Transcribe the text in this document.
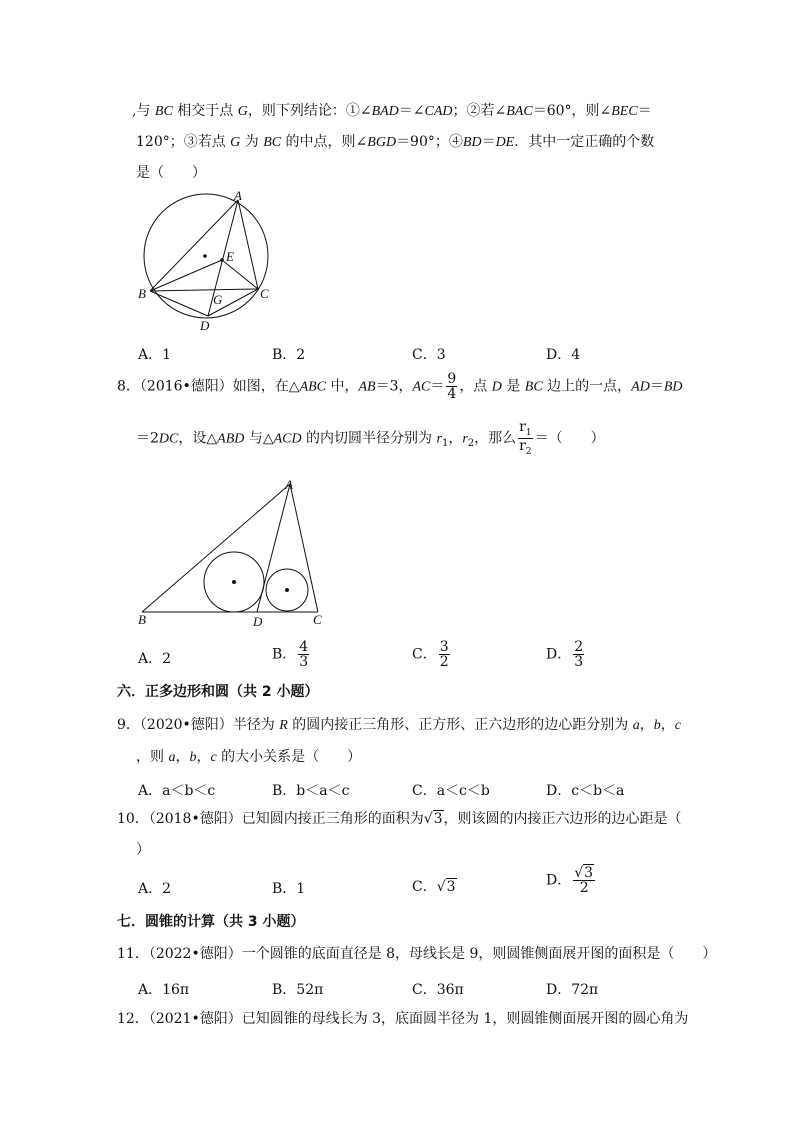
,与 BC 相交于点 G，则下列结论：①∠BAD＝∠CAD；②若∠BAC＝60°，则∠BEC＝
120°；③若点 G 为 BC 的中点，则∠BGD＝90°；④BD＝DE．其中一定正确的个数
是（　　）
A
E
B	C
G
D
A．1	B．2	C．3	D．4
8．（2016•德阳）如图，在△ABC 中，AB＝3，$AC= \frac{9}{4}$ ，点 D 是 BC 边上的一点，AD＝BD
＝2DC，设△ABD 与△ACD 的内切圆半径分别为 $r_1$，$r_2$，那么 $\frac{r_1}{r_2}$ ＝（　　）
A
B	D	C
A．2	B． $\frac{4}{3}$	C． $\frac{3}{2}$	D． $\frac{2}{3}$
六．正多边形和圆（共 2 小题）
9．（2020•德阳）半径为 R 的圆内接正三角形、正方形、正六边形的边心距分别为 a，b，c
，则 a，b，c 的大小关系是（　　）
A．a＜b＜c	B．b＜a＜c	C．a＜c＜b	D．c＜b＜a
10．（2018•德阳）已知圆内接正三角形的面积为√3，则该圆的内接正六边形的边心距是（
）
A．2	B．1	C．√3	D． $\frac{√3}{2}$
七．圆锥的计算（共 3 小题）
11．（2022•德阳）一个圆锥的底面直径是 8，母线长是 9，则圆锥侧面展开图的面积是（　　）
A．16π	B．52π	C．36π	D．72π
12．（2021•德阳）已知圆锥的母线长为 3，底面圆半径为 1，则圆锥侧面展开图的圆心角为
